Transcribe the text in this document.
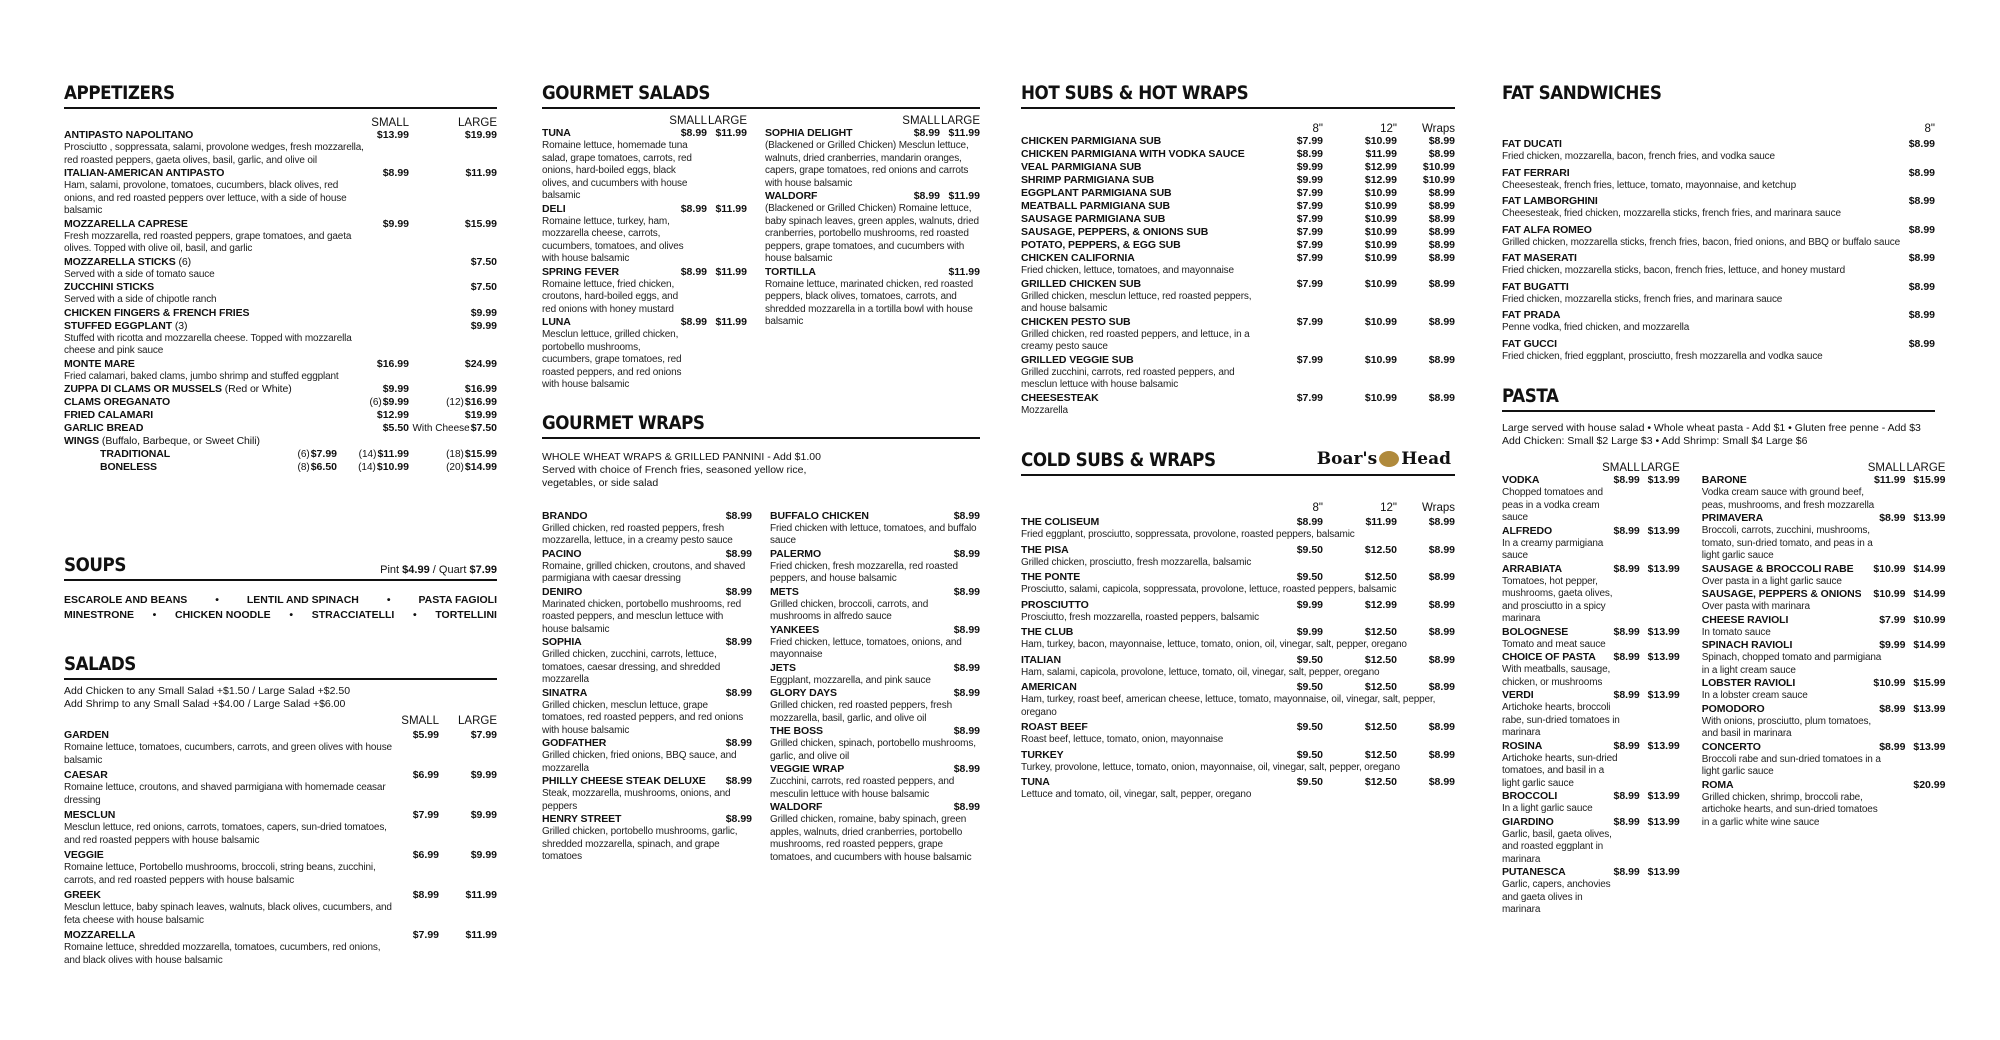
APPETIZERS
SMALL	LARGE
ANTIPASTO NAPOLITANO	$13.99	$19.99
Prosciutto , soppressata, salami, provolone wedges, fresh mozzarella, red roasted peppers, gaeta olives, basil, garlic, and olive oil
ITALIAN-AMERICAN ANTIPASTO	$8.99	$11.99
Ham, salami, provolone, tomatoes, cucumbers, black olives, red onions, and red roasted peppers over lettuce, with a side of house balsamic
MOZZARELLA CAPRESE	$9.99	$15.99
Fresh mozzarella, red roasted peppers, grape tomatoes, and gaeta olives. Topped with olive oil, basil, and garlic
MOZZARELLA STICKS (6)	$7.50
Served with a side of tomato sauce
ZUCCHINI STICKS	$7.50
Served with a side of chipotle ranch
CHICKEN FINGERS & FRENCH FRIES	$9.99
STUFFED EGGPLANT (3)	$9.99
Stuffed with ricotta and mozzarella cheese. Topped with mozzarella cheese and pink sauce
MONTE MARE	$16.99	$24.99
Fried calamari, baked clams, jumbo shrimp and stuffed eggplant
ZUPPA DI CLAMS OR MUSSELS (Red or White)	$9.99	$16.99
CLAMS OREGANATO	(6)$9.99	(12)$16.99
FRIED CALAMARI	$12.99	$19.99
GARLIC BREAD	$5.50 With Cheese$7.50
WINGS (Buffalo, Barbeque, or Sweet Chili)
TRADITIONAL	(6)$7.99	(14)$11.99	(18)$15.99
BONELESS	(8)$6.50	(14)$10.99	(20)$14.99
SOUPS	Pint $4.99 / Quart $7.99
ESCAROLE AND BEANS	•	LENTIL AND SPINACH	•	PASTA FAGIOLI
MINESTRONE • CHICKEN NOODLE • STRACCIATELLI • TORTELLINI
SALADS
Add Chicken to any Small Salad +$1.50 / Large Salad +$2.50
Add Shrimp to any Small Salad +$4.00 / Large Salad +$6.00
SMALL	LARGE
GARDEN	$5.99	$7.99
Romaine lettuce, tomatoes, cucumbers, carrots, and green olives with house balsamic
CAESAR	$6.99	$9.99
Romaine lettuce, croutons, and shaved parmigiana with homemade ceasar dressing
MESCLUN	$7.99	$9.99
Mesclun lettuce, red onions, carrots, tomatoes, capers, sun-dried tomatoes, and red roasted peppers with house balsamic
VEGGIE	$6.99	$9.99
Romaine lettuce, Portobello mushrooms, broccoli, string beans, zucchini, carrots, and red roasted peppers with house balsamic
GREEK	$8.99	$11.99
Mesclun lettuce, baby spinach leaves, walnuts, black olives, cucumbers, and feta cheese with house balsamic
MOZZARELLA	$7.99	$11.99
Romaine lettuce, shredded mozzarella, tomatoes, cucumbers, red onions, and black olives with house balsamic
GOURMET SALADS
SMALL LARGE
TUNA	$8.99 $11.99
Romaine lettuce, homemade tuna salad, grape tomatoes, carrots, red onions, hard-boiled eggs, black olives, and cucumbers with house balsamic
DELI	$8.99 $11.99
Romaine lettuce, turkey, ham, mozzarella cheese, carrots, cucumbers, tomatoes, and olives with house balsamic
SPRING FEVER	$8.99 $11.99
Romaine lettuce, fried chicken, croutons, hard-boiled eggs, and red onions with honey mustard
LUNA	$8.99 $11.99
Mesclun lettuce, grilled chicken, portobello mushrooms, cucumbers, grape tomatoes, red roasted peppers, and red onions with house balsamic
SMALL LARGE
SOPHIA DELIGHT	$8.99 $11.99
(Blackened or Grilled Chicken) Mesclun lettuce, walnuts, dried cranberries, mandarin oranges, capers, grape tomatoes, red onions and carrots with house balsamic
WALDORF	$8.99 $11.99
(Blackened or Grilled Chicken) Romaine lettuce, baby spinach leaves, green apples, walnuts, dried cranberries, portobello mushrooms, red roasted peppers, grape tomatoes, and cucumbers with house balsamic
TORTILLA	$11.99
Romaine lettuce, marinated chicken, red roasted peppers, black olives, tomatoes, carrots, and shredded mozzarella in a tortilla bowl with house balsamic
GOURMET WRAPS
WHOLE WHEAT WRAPS & GRILLED PANNINI - Add $1.00
Served with choice of French fries, seasoned yellow rice, vegetables, or side salad
BRANDO	$8.99
Grilled chicken, red roasted peppers, fresh mozzarella, lettuce, in a creamy pesto sauce
PACINO	$8.99
Romaine, grilled chicken, croutons, and shaved parmigiana with caesar dressing
DENIRO	$8.99
Marinated chicken, portobello mushrooms, red roasted peppers, and mesclun lettuce with house balsamic
SOPHIA	$8.99
Grilled chicken, zucchini, carrots, lettuce, tomatoes, caesar dressing, and shredded mozzarella
SINATRA	$8.99
Grilled chicken, mesclun lettuce, grape tomatoes, red roasted peppers, and red onions with house balsamic
GODFATHER	$8.99
Grilled chicken, fried onions, BBQ sauce, and mozzarella
PHILLY CHEESE STEAK DELUXE	$8.99
Steak, mozzarella, mushrooms, onions, and peppers
HENRY STREET	$8.99
Grilled chicken, portobello mushrooms, garlic, shredded mozzarella, spinach, and grape tomatoes
BUFFALO CHICKEN	$8.99
Fried chicken with lettuce, tomatoes, and buffalo sauce
PALERMO	$8.99
Fried chicken, fresh mozzarella, red roasted peppers, and house balsamic
METS	$8.99
Grilled chicken, broccoli, carrots, and mushrooms in alfredo sauce
YANKEES	$8.99
Fried chicken, lettuce, tomatoes, onions, and mayonnaise
JETS	$8.99
Eggplant, mozzarella, and pink sauce
GLORY DAYS	$8.99
Grilled chicken, red roasted peppers, fresh mozzarella, basil, garlic, and olive oil
THE BOSS	$8.99
Grilled chicken, spinach, portobello mushrooms, garlic, and olive oil
VEGGIE WRAP	$8.99
Zucchini, carrots, red roasted peppers, and mesculin lettuce with house balsamic
WALDORF	$8.99
Grilled chicken, romaine, baby spinach, green apples, walnuts, dried cranberries, portobello mushrooms, red roasted peppers, grape tomatoes, and cucumbers with house balsamic
HOT SUBS & HOT WRAPS
8"	12"	Wraps
CHICKEN PARMIGIANA SUB	$7.99	$10.99	$8.99
CHICKEN PARMIGIANA WITH VODKA SAUCE	$8.99	$11.99	$8.99
VEAL PARMIGIANA SUB	$9.99	$12.99	$10.99
SHRIMP PARMIGIANA SUB	$9.99	$12.99	$10.99
EGGPLANT PARMIGIANA SUB	$7.99	$10.99	$8.99
MEATBALL PARMIGIANA SUB	$7.99	$10.99	$8.99
SAUSAGE PARMIGIANA SUB	$7.99	$10.99	$8.99
SAUSAGE, PEPPERS, & ONIONS SUB	$7.99	$10.99	$8.99
POTATO, PEPPERS, & EGG SUB	$7.99	$10.99	$8.99
CHICKEN CALIFORNIA	$7.99	$10.99	$8.99
Fried chicken, lettuce, tomatoes, and mayonnaise
GRILLED CHICKEN SUB	$7.99	$10.99	$8.99
Grilled chicken, mesclun lettuce, red roasted peppers, and house balsamic
CHICKEN PESTO SUB	$7.99	$10.99	$8.99
Grilled chicken, red roasted peppers, and lettuce, in a creamy pesto sauce
GRILLED VEGGIE SUB	$7.99	$10.99	$8.99
Grilled zucchini, carrots, red roasted peppers, and mesclun lettuce with house balsamic
CHEESESTEAK	$7.99	$10.99	$8.99
Mozzarella
COLD SUBS & WRAPS	Boar's Head
8"	12"	Wraps
THE COLISEUM	$8.99	$11.99	$8.99
Fried eggplant, prosciutto, soppressata, provolone, roasted peppers, balsamic
THE PISA	$9.50	$12.50	$8.99
Grilled chicken, prosciutto, fresh mozzarella, balsamic
THE PONTE	$9.50	$12.50	$8.99
Prosciutto, salami, capicola, soppressata, provolone, lettuce, roasted peppers, balsamic
PROSCIUTTO	$9.99	$12.99	$8.99
Prosciutto, fresh mozzarella, roasted peppers, balsamic
THE CLUB	$9.99	$12.50	$8.99
Ham, turkey, bacon, mayonnaise, lettuce, tomato, onion, oil, vinegar, salt, pepper, oregano
ITALIAN	$9.50	$12.50	$8.99
Ham, salami, capicola, provolone, lettuce, tomato, oil, vinegar, salt, pepper, oregano
AMERICAN	$9.50	$12.50	$8.99
Ham, turkey, roast beef, american cheese, lettuce, tomato, mayonnaise, oil, vinegar, salt, pepper, oregano
ROAST BEEF	$9.50	$12.50	$8.99
Roast beef, lettuce, tomato, onion, mayonnaise
TURKEY	$9.50	$12.50	$8.99
Turkey, provolone, lettuce, tomato, onion, mayonnaise, oil, vinegar, salt, pepper, oregano
TUNA	$9.50	$12.50	$8.99
Lettuce and tomato, oil, vinegar, salt, pepper, oregano
FAT SANDWICHES
8"
FAT DUCATI	$8.99
Fried chicken, mozzarella, bacon, french fries, and vodka sauce
FAT FERRARI	$8.99
Cheesesteak, french fries, lettuce, tomato, mayonnaise, and ketchup
FAT LAMBORGHINI	$8.99
Cheesesteak, fried chicken, mozzarella sticks, french fries, and marinara sauce
FAT ALFA ROMEO	$8.99
Grilled chicken, mozzarella sticks, french fries, bacon, fried onions, and BBQ or buffalo sauce
FAT MASERATI	$8.99
Fried chicken, mozzarella sticks, bacon, french fries, lettuce, and honey mustard
FAT BUGATTI	$8.99
Fried chicken, mozzarella sticks, french fries, and marinara sauce
FAT PRADA	$8.99
Penne vodka, fried chicken, and mozzarella
FAT GUCCI	$8.99
Fried chicken, fried eggplant, prosciutto, fresh mozzarella and vodka sauce
PASTA
Large served with house salad • Whole wheat pasta - Add $1 • Gluten free penne - Add $3
Add Chicken: Small $2 Large $3 • Add Shrimp: Small $4 Large $6
SMALL LARGE
VODKA	$8.99 $13.99
Chopped tomatoes and peas in a vodka cream sauce
ALFREDO	$8.99 $13.99
In a creamy parmigiana sauce
ARRABIATA	$8.99 $13.99
Tomatoes, hot pepper, mushrooms, gaeta olives, and prosciutto in a spicy marinara
BOLOGNESE	$8.99 $13.99
Tomato and meat sauce
CHOICE OF PASTA	$8.99 $13.99
With meatballs, sausage, chicken, or mushrooms
VERDI	$8.99 $13.99
Artichoke hearts, broccoli rabe, sun-dried tomatoes in marinara
ROSINA	$8.99 $13.99
Artichoke hearts, sun-dried tomatoes, and basil in a light garlic sauce
BROCCOLI	$8.99 $13.99
In a light garlic sauce
GIARDINO	$8.99 $13.99
Garlic, basil, gaeta olives, and roasted eggplant in marinara
PUTANESCA	$8.99 $13.99
Garlic, capers, anchovies and gaeta olives in marinara
SMALL LARGE
BARONE	$11.99 $15.99
Vodka cream sauce with ground beef, peas, mushrooms, and fresh mozzarella
PRIMAVERA	$8.99 $13.99
Broccoli, carrots, zucchini, mushrooms, tomato, sun-dried tomato, and peas in a light garlic sauce
SAUSAGE & BROCCOLI RABE	$10.99 $14.99
Over pasta in a light garlic sauce
SAUSAGE, PEPPERS & ONIONS	$10.99 $14.99
Over pasta with marinara
CHEESE RAVIOLI	$7.99 $10.99
In tomato sauce
SPINACH RAVIOLI	$9.99 $14.99
Spinach, chopped tomato and parmigiana in a light cream sauce
LOBSTER RAVIOLI	$10.99 $15.99
In a lobster cream sauce
POMODORO	$8.99 $13.99
With onions, prosciutto, plum tomatoes, and basil in marinara
CONCERTO	$8.99 $13.99
Broccoli rabe and sun-dried tomatoes in a light garlic sauce
ROMA	$20.99
Grilled chicken, shrimp, broccoli rabe, artichoke hearts, and sun-dried tomatoes in a garlic white wine sauce
